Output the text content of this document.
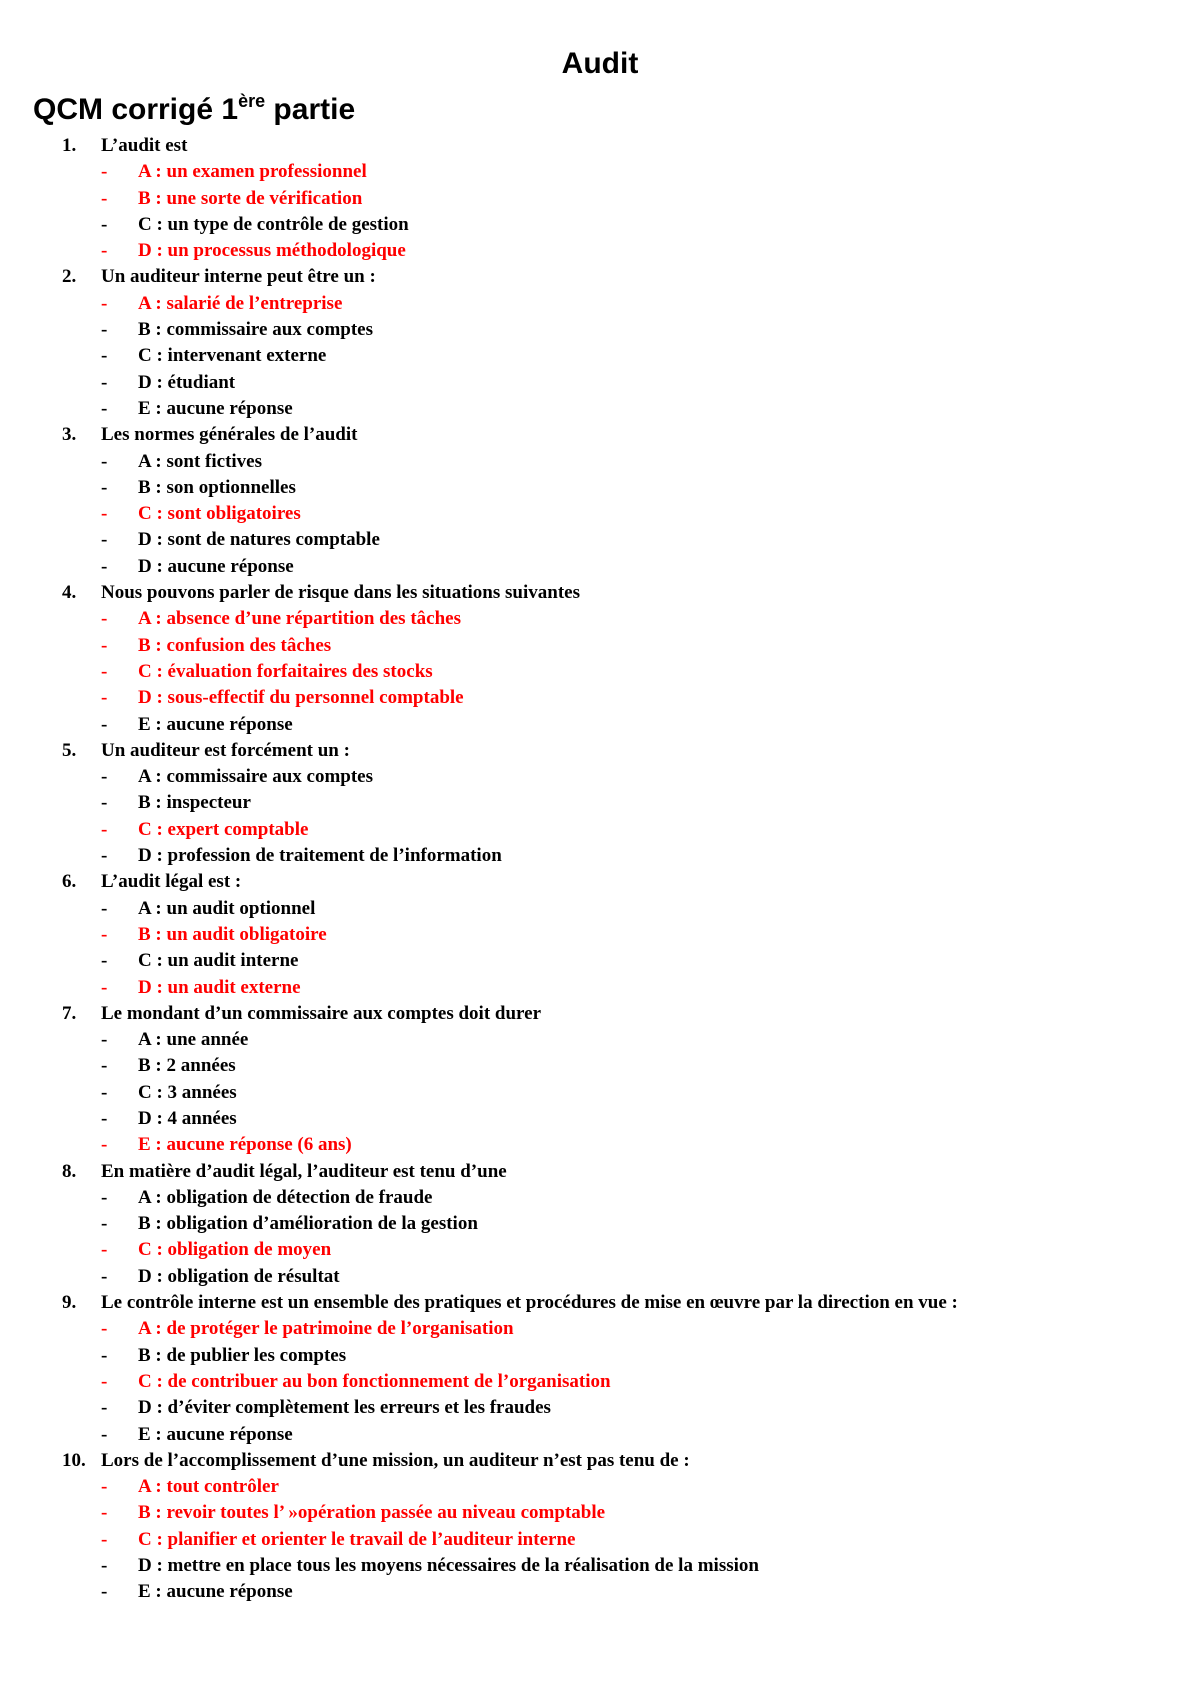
Audit
QCM corrigé 1ère partie
1.	L’audit est
- A : un examen professionnel
- B : une sorte de vérification
- C : un type de contrôle de gestion
- D : un processus méthodologique
2.	Un auditeur interne peut être un :
- A : salarié de l’entreprise
- B : commissaire aux comptes
- C : intervenant externe
- D : étudiant
- E : aucune réponse
3.	Les normes générales de l’audit
- A : sont fictives
- B : son optionnelles
- C : sont obligatoires
- D : sont de natures comptable
- D : aucune réponse
4.	Nous pouvons parler de risque dans les situations suivantes
- A : absence d’une répartition des tâches
- B : confusion des tâches
- C : évaluation forfaitaires des stocks
- D : sous-effectif du personnel comptable
- E : aucune réponse
5.	Un auditeur est forcément un :
- A : commissaire aux comptes
- B : inspecteur
- C : expert comptable
- D : profession de traitement de l’information
6.	L’audit légal est :
- A : un audit optionnel
- B : un audit obligatoire
- C : un audit interne
- D : un audit externe
7.	Le mondant d’un commissaire aux comptes doit durer
- A : une année
- B : 2 années
- C : 3 années
- D : 4 années
- E : aucune réponse (6 ans)
8.	En matière d’audit légal, l’auditeur est tenu d’une
- A : obligation de détection de fraude
- B : obligation d’amélioration de la gestion
- C : obligation de moyen
- D : obligation de résultat
9.	Le contrôle interne est un ensemble des pratiques et procédures de mise en œuvre par la direction en vue :
- A : de protéger le patrimoine de l’organisation
- B : de publier les comptes
- C : de contribuer au bon fonctionnement de l’organisation
- D : d’éviter complètement les erreurs et les fraudes
- E : aucune réponse
10. Lors de l’accomplissement d’une mission, un auditeur n’est pas tenu de :
- A : tout contrôler
- B : revoir toutes l’ »opération passée au niveau comptable
- C : planifier et orienter le travail de l’auditeur interne
- D : mettre en place tous les moyens nécessaires de la réalisation de la mission
- E : aucune réponse
